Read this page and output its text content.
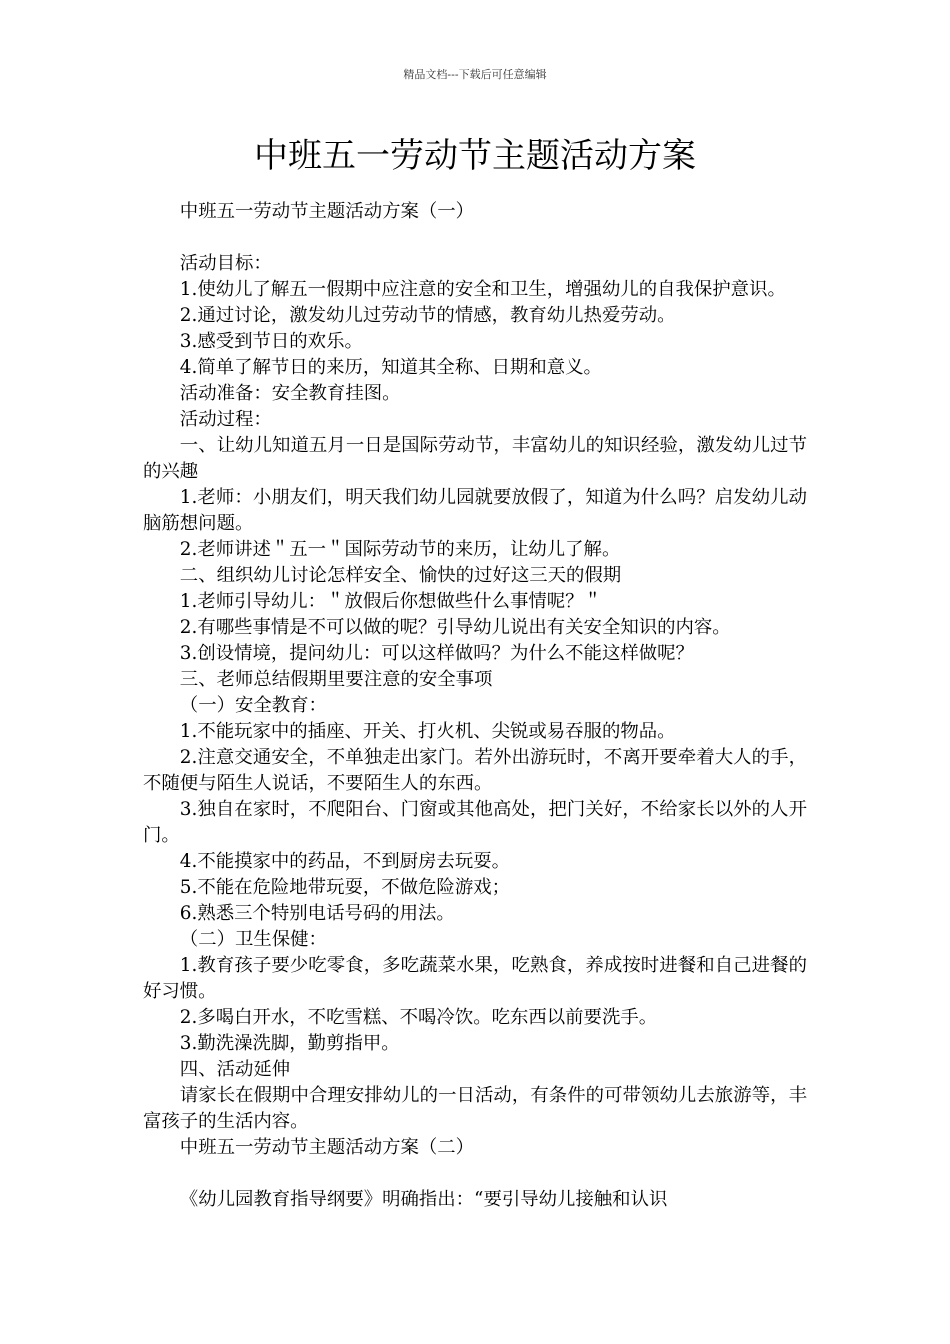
精品文档---下载后可任意编辑
中班五一劳动节主题活动方案

中班五一劳动节主题活动方案（一）

活动目标：

1.使幼儿了解五一假期中应注意的安全和卫生，增强幼儿的自我保护意识。

2.通过讨论，激发幼儿过劳动节的情感，教育幼儿热爱劳动。

3.感受到节日的欢乐。

4.简单了解节日的来历，知道其全称、日期和意义。

活动准备：安全教育挂图。

活动过程：

一、让幼儿知道五月一日是国际劳动节，丰富幼儿的知识经验，激发幼儿过节的兴趣

1.老师：小朋友们，明天我们幼儿园就要放假了，知道为什么吗？启发幼儿动脑筋想问题。

2.老师讲述＂五一＂国际劳动节的来历，让幼儿了解。

二、组织幼儿讨论怎样安全、愉快的过好这三天的假期

1.老师引导幼儿：＂放假后你想做些什么事情呢？＂

2.有哪些事情是不可以做的呢？引导幼儿说出有关安全知识的内容。

3.创设情境，提问幼儿：可以这样做吗？为什么不能这样做呢？

三、老师总结假期里要注意的安全事项

（一）安全教育：

1.不能玩家中的插座、开关、打火机、尖锐或易吞服的物品。

2.注意交通安全，不单独走出家门。若外出游玩时，不离开要牵着大人的手，不随便与陌生人说话，不要陌生人的东西。

3.独自在家时，不爬阳台、门窗或其他高处，把门关好，不给家长以外的人开门。

4.不能摸家中的药品，不到厨房去玩耍。

5.不能在危险地带玩耍，不做危险游戏；

6.熟悉三个特别电话号码的用法。

（二）卫生保健：

1.教育孩子要少吃零食，多吃蔬菜水果，吃熟食，养成按时进餐和自己进餐的好习惯。

2.多喝白开水，不吃雪糕、不喝冷饮。吃东西以前要洗手。

3.勤洗澡洗脚，勤剪指甲。

四、活动延伸

请家长在假期中合理安排幼儿的一日活动，有条件的可带领幼儿去旅游等，丰富孩子的生活内容。

中班五一劳动节主题活动方案（二）

《幼儿园教育指导纲要》明确指出：“要引导幼儿接触和认识
